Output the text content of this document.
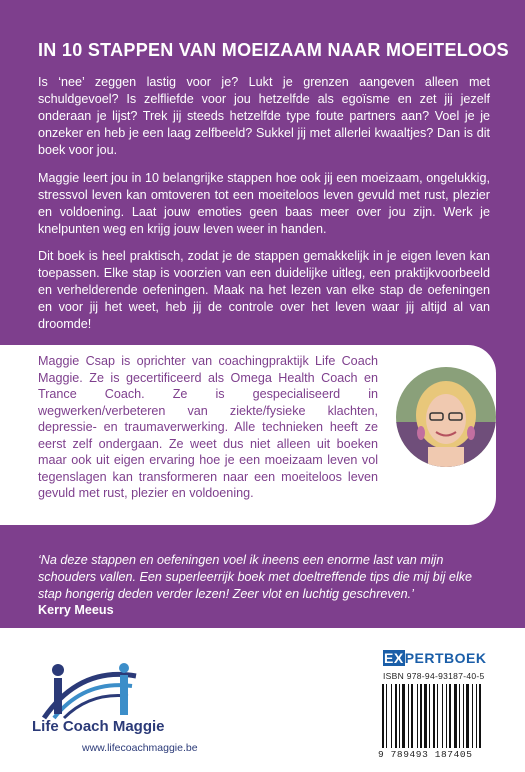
IN 10 STAPPEN VAN MOEIZAAM NAAR MOEITELOOS
Is ‘nee’ zeggen lastig voor je? Lukt je grenzen aangeven alleen met schuldgevoel? Is zelfliefde voor jou hetzelfde als egoïsme en zet jij jezelf onderaan je lijst? Trek jij steeds hetzelfde type foute partners aan? Voel je je onzeker en heb je een laag zelfbeeld? Sukkel jij met allerlei kwaaltjes? Dan is dit boek voor jou.
Maggie leert jou in 10 belangrijke stappen hoe ook jij een moeizaam, ongelukkig, stressvol leven kan omtoveren tot een moeiteloos leven gevuld met rust, plezier en voldoening. Laat jouw emoties geen baas meer over jou zijn. Werk je knelpunten weg en krijg jouw leven weer in handen.
Dit boek is heel praktisch, zodat je de stappen gemakkelijk in je eigen leven kan toepassen. Elke stap is voorzien van een duidelijke uitleg, een praktijkvoorbeeld en verhelderende oefeningen. Maak na het lezen van elke stap de oefeningen en voor jij het weet, heb jij de controle over het leven waar jij altijd al van droomde!
Maggie Csap is oprichter van coachingpraktijk Life Coach Maggie. Ze is gecertificeerd als Omega Health Coach en Trance Coach. Ze is gespecialiseerd in wegwerken/verbeteren van ziekte/fysieke klachten, depressie- en traumaverwerking. Alle technieken heeft ze eerst zelf ondergaan. Ze weet dus niet alleen uit boeken maar ook uit eigen ervaring hoe je een moeizaam leven vol tegenslagen kan transformeren naar een moeiteloos leven gevuld met rust, plezier en voldoening.
‘Na deze stappen en oefeningen voel ik ineens een enorme last van mijn schouders vallen. Een superleerrijk boek met doeltreffende tips die mij bij elke stap hongerig deden verder lezen! Zeer vlot en luchtig geschreven.’
Kerry Meeus
Life Coach Maggie
www.lifecoachmaggie.be
EXPERTBOEK
ISBN 978-94-93187-40-5
9 789493 187405
